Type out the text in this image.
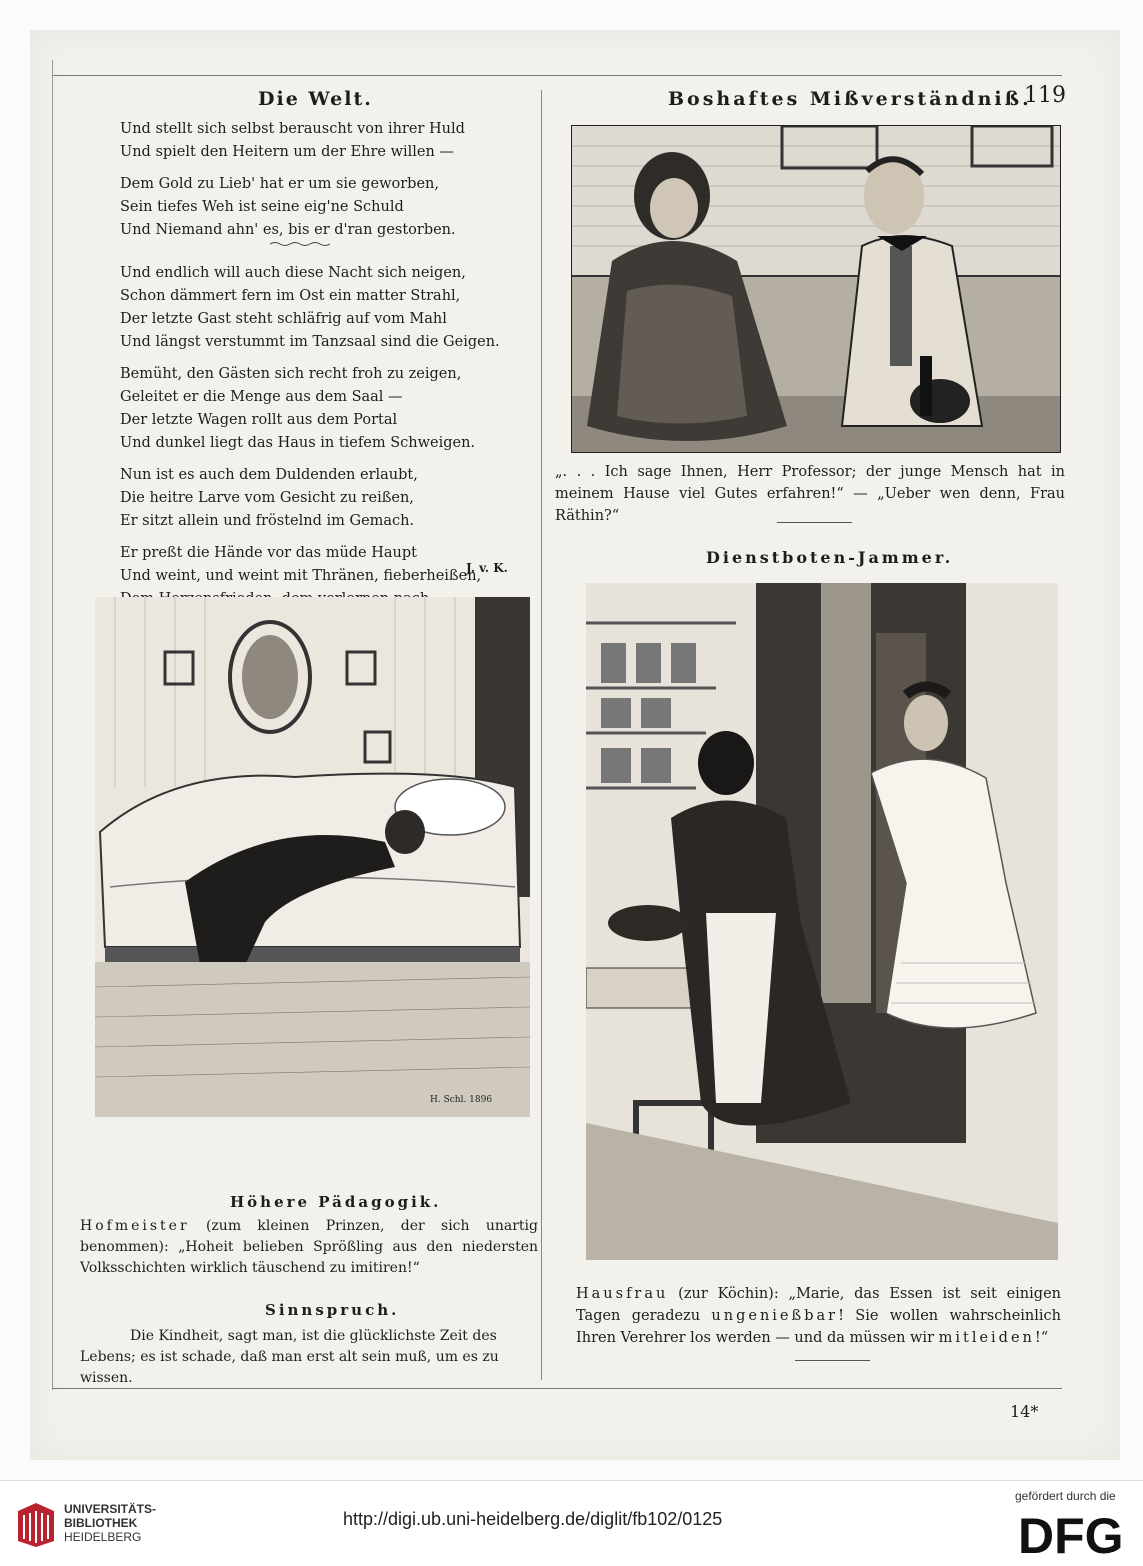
Die Welt.	Boshaftes Mißverständniß.
119
Und stellt sich selbst berauscht von ihrer Huld
Und spielt den Heitern um der Ehre willen —
Dem Gold zu Lieb' hat er um sie geworben,
Sein tiefes Weh ist seine eig'ne Schuld
Und Niemand ahn' es, bis er d'ran gestorben.
Und endlich will auch diese Nacht sich neigen,
Schon dämmert fern im Ost ein matter Strahl,
Der letzte Gast steht schläfrig auf vom Mahl
Und längst verstummt im Tanzsaal sind die Geigen.
Bemüht, den Gästen sich recht froh zu zeigen,
Geleitet er die Menge aus dem Saal —
Der letzte Wagen rollt aus dem Portal
Und dunkel liegt das Haus in tiefem Schweigen.
Nun ist es auch dem Duldenden erlaubt,
Die heitre Larve vom Gesicht zu reißen,
Er sitzt allein und fröstelnd im Gemach.
Er preßt die Hände vor das müde Haupt
Und weint, und weint mit Thränen, fieberheißen,
J. v. K.
„. . . Ich sage Ihnen, Herr Professor; der junge Mensch hat in meinem Hause viel Gutes erfahren!“ — „Ueber wen denn, Frau Räthin?“
Dienstboten-Jammer.
Hausfrau (zur Köchin): „Marie, das Essen ist seit einigen Tagen geradezu ungenießbar! Sie wollen wahrscheinlich Ihren Verehrer los werden — und da müssen wir mitleiden!“
H. Schl. 1896
Höhere Pädagogik.
Hofmeister (zum kleinen Prinzen, der sich unartig benommen): „Hoheit belieben Sprößling aus den niedersten Volksschichten wirklich täuschend zu imitiren!“
Sinnspruch.
Die Kindheit, sagt man, ist die glücklichste Zeit des Lebens; es ist schade, daß man erst alt sein muß, um es zu wissen.
14*
UNIVERSITÄTS-
BIBLIOTHEK
HEIDELBERG
http://digi.ub.uni-heidelberg.de/diglit/fb102/0125
gefördert durch die
DFG
